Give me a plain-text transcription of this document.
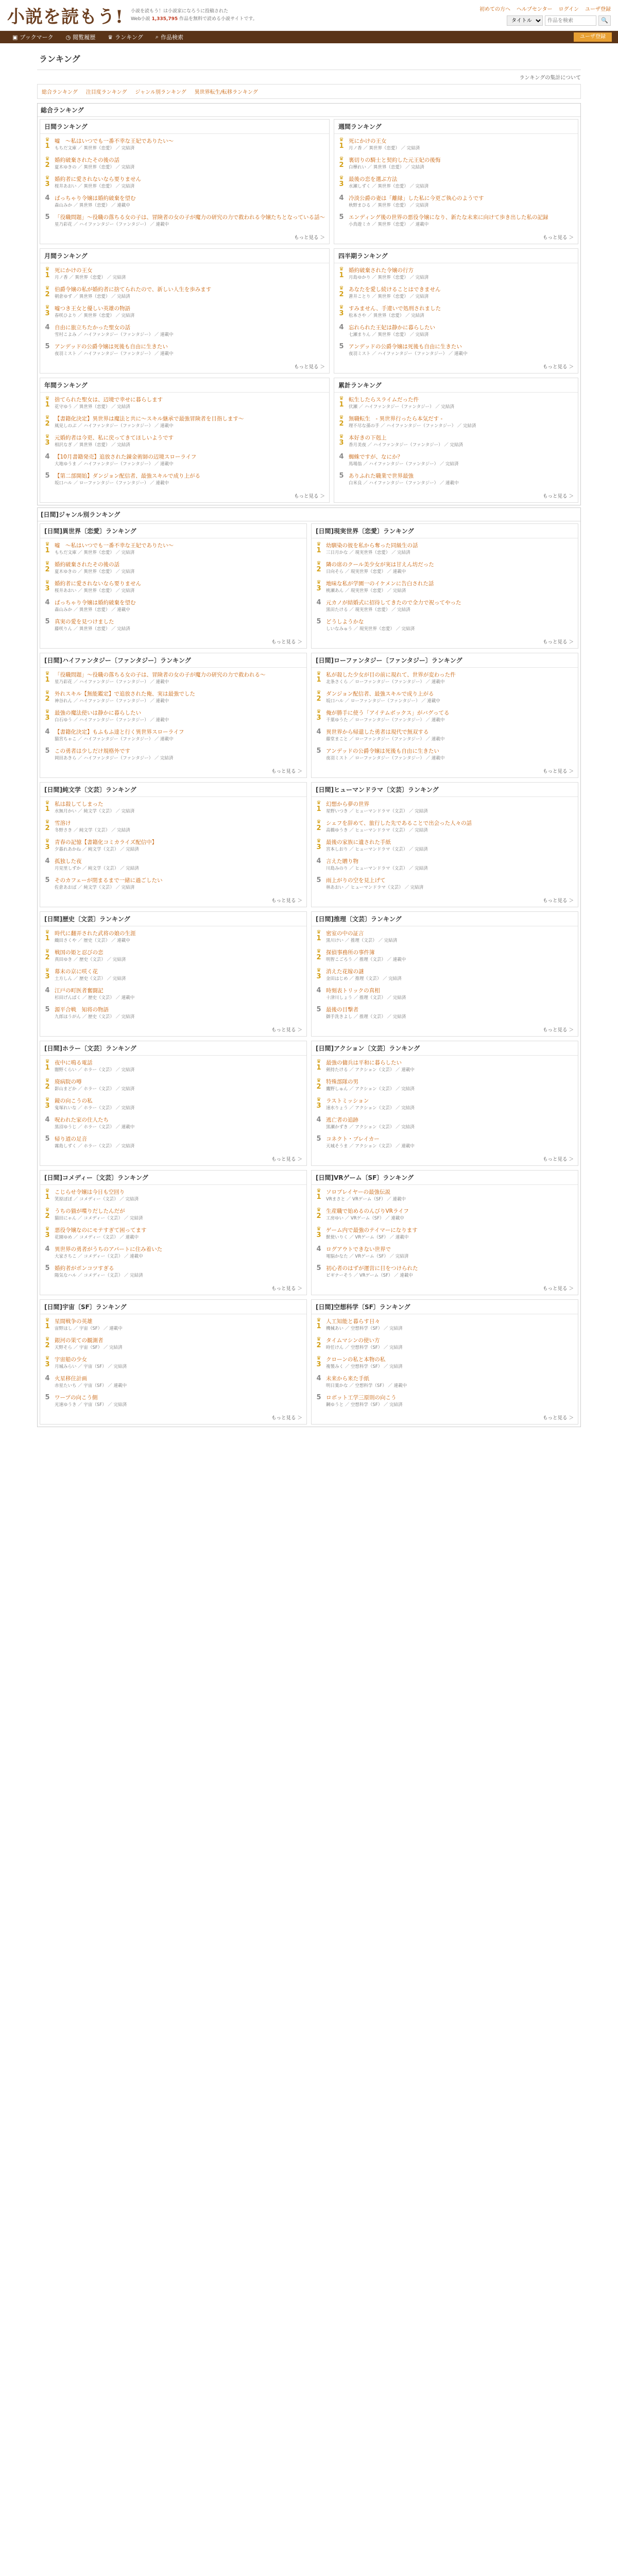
小説を読もう! 小説を読もう！は小説家になろうに投稿された
Web小説 1,335,795 作品を無料で読める小説サイトです。
初めての方へ ヘルプセンター ログイン ユーザ登録
タイトル
作品を検索
🔍
▣ ブックマーク ◷ 閲覧履歴 ♛ ランキング ⌕ 作品検索	ユーザ登録
ランキング
ランキングの集計について
総合ランキング 注目度ランキング ジャンル別ランキング 異世界転生/転移ランキング
総合ランキング
日間ランキング
♛
1
嘘　〜私はいつでも一番不幸な王妃でありたい〜
もちだ文庫 ／ 異世界（恋愛） ／ 完結済
♛
2
婚約破棄されたその後の話
夏木ゆきの ／ 異世界（恋愛） ／ 完結済
♛
3
婚約者に愛されないなら要りません
桜井あおい ／ 異世界（恋愛） ／ 完結済
4 ぱっちゃり令嬢は婚約破棄を望む
森山みか ／ 異世界（恋愛） ／ 連載中
5 「役職問題」〜役職の落ちる女の子は、冒険者の女の子が魔力の研究の力で救われる令嬢たちとなっている話〜
星乃彩花 ／ ハイファンタジー（ファンタジー） ／ 連載中
もっと見る ＞
週間ランキング
♛
1
死にかけの王女
月ノ香 ／ 異世界（恋愛） ／ 完結済
♛
2
裏切りの騎士と契約した元王妃の後悔
白樺れい ／ 異世界（恋愛） ／ 完結済
♛
3
最後の恋を選ぶ方法
水瀬しずく ／ 異世界（恋愛） ／ 完結済
4 冷淡公爵の妻は「離縁」した私に今更ご執心のようです
秋野まひる ／ 異世界（恋愛） ／ 完結済
5 エンディング後の世界の悪役令嬢になり、新たな未来に向けて歩き出した私の記録
小鳥遊ミカ ／ 異世界（恋愛） ／ 連載中
もっと見る ＞
月間ランキング
♛
1
死にかけの王女
月ノ香 ／ 異世界（恋愛） ／ 完結済
♛
2
伯爵令嬢の私が婚約者に捨てられたので、新しい人生を歩みます
朝倉ゆず ／ 異世界（恋愛） ／ 完結済
♛
3
嘘つき王女と優しい英雄の物語
春咲ひより ／ 異世界（恋愛） ／ 完結済
4 自由に旅立ちたかった聖女の話
雪村こよみ ／ ハイファンタジー（ファンタジー） ／ 連載中
5 アンデッドの公爵令嬢は死後も自由に生きたい
夜羽ミスト ／ ハイファンタジー（ファンタジー） ／ 連載中
もっと見る ＞
四半期ランキング
♛
1
婚約破棄された令嬢の行方
月島ゆかり ／ 異世界（恋愛） ／ 完結済
♛
2
あなたを愛し続けることはできません
蒼井ことり ／ 異世界（恋愛） ／ 完結済
♛
3
すみません、手違いで処刑されました
松本さや ／ 異世界（恋愛） ／ 完結済
4 忘れられた王妃は静かに暮らしたい
七瀬まりん ／ 異世界（恋愛） ／ 完結済
5 アンデッドの公爵令嬢は死後も自由に生きたい
夜羽ミスト ／ ハイファンタジー（ファンタジー） ／ 連載中
もっと見る ＞
年間ランキング
♛
1
捨てられた聖女は、辺境で幸せに暮らします
花守ゆう ／ 異世界（恋愛） ／ 完結済
♛
2
【書籍化決定】異世界は魔法と共に〜スキル継承で最強冒険者を目指します〜
風見しのぶ ／ ハイファンタジー（ファンタジー） ／ 連載中
♛
3
元婚約者は今更、私に戻ってきてほしいようです
相沢なぎ ／ 異世界（恋愛） ／ 完結済
4 【10月書籍発売】追放された錬金術師の辺境スローライフ
大地ゆうま ／ ハイファンタジー（ファンタジー） ／ 連載中
5 【第二部開始】ダンジョン配信者、最強スキルで成り上がる
坂口ハル ／ ローファンタジー（ファンタジー） ／ 連載中
もっと見る ＞
累計ランキング
♛
1
転生したらスライムだった件
伏瀬 ／ ハイファンタジー（ファンタジー） ／ 完結済
♛
2
無職転生　- 異世界行ったら本気だす -
理不尽な孫の手 ／ ハイファンタジー（ファンタジー） ／ 完結済
♛
3
本好きの下剋上
香月美夜 ／ ハイファンタジー（ファンタジー） ／ 完結済
4 蜘蛛ですが、なにか？
馬場翁 ／ ハイファンタジー（ファンタジー） ／ 完結済
5 ありふれた職業で世界最強
白米良 ／ ハイファンタジー（ファンタジー） ／ 連載中
もっと見る ＞
[日間]ジャンル別ランキング
[日間]異世界〔恋愛〕ランキング
♛
1
嘘　〜私はいつでも一番不幸な王妃でありたい〜
もちだ文庫 ／ 異世界（恋愛） ／ 完結済
♛
2
婚約破棄されたその後の話
夏木ゆきの ／ 異世界（恋愛） ／ 完結済
♛
3
婚約者に愛されないなら要りません
桜井あおい ／ 異世界（恋愛） ／ 完結済
4 ぱっちゃり令嬢は婚約破棄を望む
森山みか ／ 異世界（恋愛） ／ 連載中
5 真実の愛を見つけました
藤咲りん ／ 異世界（恋愛） ／ 完結済
もっと見る ＞
[日間]現実世界〔恋愛〕ランキング
♛
1
幼馴染の彼を私から奪った同級生の話
三日月かな ／ 現実世界（恋愛） ／ 完結済
♛
2
隣の席のクール美少女が実は甘えん坊だった
日向そら ／ 現実世界（恋愛） ／ 連載中
♛
3
地味な私が学園一のイケメンに告白された話
桃瀬あん ／ 現実世界（恋愛） ／ 完結済
4 元カノが結婚式に招待してきたので全力で祝ってやった
黒田たける ／ 現実世界（恋愛） ／ 完結済
5 どうしようかな
しいなみゅう ／ 現実世界（恋愛） ／ 完結済
もっと見る ＞
[日間]ハイファンタジー〔ファンタジー〕ランキング
♛
1
「役職問題」〜役職の落ちる女の子は、冒険者の女の子が魔力の研究の力で救われる〜
星乃彩花 ／ ハイファンタジー（ファンタジー） ／ 連載中
♛
2
外れスキル【無能鑑定】で追放された俺、実は最強でした
神谷れん ／ ハイファンタジー（ファンタジー） ／ 連載中
♛
3
最強の魔法使いは静かに暮らしたい
白石ゆう ／ ハイファンタジー（ファンタジー） ／ 連載中
4 【書籍化決定】もふもふ達と行く異世界スローライフ
猫宮ちゃこ ／ ハイファンタジー（ファンタジー） ／ 連載中
5 この勇者は少しだけ規格外です
岡田あきら ／ ハイファンタジー（ファンタジー） ／ 完結済
もっと見る ＞
[日間]ローファンタジー〔ファンタジー〕ランキング
♛
1
私が殺した少女が目の前に現れて、世界が変わった件
北条さくら ／ ローファンタジー（ファンタジー） ／ 連載中
♛
2
ダンジョン配信者、最強スキルで成り上がる
坂口ハル ／ ローファンタジー（ファンタジー） ／ 連載中
♛
3
俺が勝手に使う「アイテムボックス」がバグってる
千葉ゆうた ／ ローファンタジー（ファンタジー） ／ 連載中
4 異世界から帰還した勇者は現代で無双する
藤堂まこと ／ ローファンタジー（ファンタジー） ／ 連載中
5 アンデッドの公爵令嬢は死後も自由に生きたい
夜羽ミスト ／ ローファンタジー（ファンタジー） ／ 連載中
もっと見る ＞
[日間]純文学〔文芸〕ランキング
♛
1
私は殺してしまった
水無月かい ／ 純文学（文芸） ／ 完結済
♛
2
雪溶け
冬野さき ／ 純文学（文芸） ／ 完結済
♛
3
青春の記憶【書籍化コミカライズ配信中】
夕暮れあかね ／ 純文学（文芸） ／ 完結済
4 孤独した夜
月見里しずか ／ 純文学（文芸） ／ 完結済
5 そのカフェーが閉まるまで一緒に過ごしたい
佐倉あおば ／ 純文学（文芸） ／ 完結済
もっと見る ＞
[日間]ヒューマンドラマ〔文芸〕ランキング
♛
1
幻想から夢の世界
星野いつき ／ ヒューマンドラマ（文芸） ／ 完結済
♛
2
シェフを辞めて、旅行した先であることで出会った人々の話
高橋ゆうき ／ ヒューマンドラマ（文芸） ／ 完結済
♛
3
最後の家族に遺された手紙
宮本しおり ／ ヒューマンドラマ（文芸） ／ 完結済
4 言えた贈り物
川島みのり ／ ヒューマンドラマ（文芸） ／ 完結済
5 雨上がりの空を見上げて
林あおい ／ ヒューマンドラマ（文芸） ／ 完結済
もっと見る ＞
[日間]歴史〔文芸〕ランキング
♛
1
時代に翻弄された武将の娘の生涯
織田さくや ／ 歴史（文芸） ／ 連載中
♛
2
戦国の姫と忍びの恋
真田ゆき ／ 歴史（文芸） ／ 完結済
♛
3
幕末の京に咲く花
土方しん ／ 歴史（文芸） ／ 完結済
4 江戸の町医者奮闘記
杉田げんぱく ／ 歴史（文芸） ／ 連載中
5 源平合戦　知将の物語
九郎ほうがん ／ 歴史（文芸） ／ 完結済
もっと見る ＞
[日間]推理〔文芸〕ランキング
♛
1
密室の中の証言
黒川けい ／ 推理（文芸） ／ 完結済
♛
2
探偵事務所の事件簿
明智こごろう ／ 推理（文芸） ／ 連載中
♛
3
消えた花嫁の謎
金田はじめ ／ 推理（文芸） ／ 完結済
4 時刻表トリックの真相
十津川しょう ／ 推理（文芸） ／ 完結済
5 最後の目撃者
御手洗きよし ／ 推理（文芸） ／ 完結済
もっと見る ＞
[日間]ホラー〔文芸〕ランキング
♛
1
夜中に鳴る電話
闇野くらい ／ ホラー（文芸） ／ 完結済
♛
2
廃病院の噂
影山まどか ／ ホラー（文芸） ／ 完結済
♛
3
鏡の向こうの私
鬼塚れいな ／ ホラー（文芸） ／ 完結済
4 呪われた家の住人たち
黒沼ゆうじ ／ ホラー（文芸） ／ 連載中
5 帰り道の足音
霧島しずく ／ ホラー（文芸） ／ 完結済
もっと見る ＞
[日間]アクション〔文芸〕ランキング
♛
1
最強の傭兵は平和に暮らしたい
剣持たける ／ アクション（文芸） ／ 連載中
♛
2
特殊部隊の男
鷹野しゅん ／ アクション（文芸） ／ 完結済
♛
3
ラストミッション
速水りょう ／ アクション（文芸） ／ 完結済
4 逃亡者の追跡
黒瀬かずき ／ アクション（文芸） ／ 完結済
5 コネクト・ブレイカー
天城そうま ／ アクション（文芸） ／ 連載中
もっと見る ＞
[日間]コメディー〔文芸〕ランキング
♛
1
こじらせ令嬢は今日も空回り
笑原ぽぽ ／ コメディー（文芸） ／ 完結済
♛
2
うちの猫が喋りだしたんだが
猫田にゃん ／ コメディー（文芸） ／ 完結済
♛
3
悪役令嬢なのにモテすぎて困ってます
花園ゆめ ／ コメディー（文芸） ／ 連載中
4 異世界の勇者がうちのアパートに住み着いた
大家さちこ ／ コメディー（文芸） ／ 連載中
5 婚約者がポンコツすぎる
陽気なハル ／ コメディー（文芸） ／ 完結済
もっと見る ＞
[日間]VRゲーム〔SF〕ランキング
♛
1
ソロプレイヤーの最強伝説
VRまさと ／ VRゲーム（SF） ／ 連載中
♛
2
生産職で始めるのんびりVRライフ
工房ゆい ／ VRゲーム（SF） ／ 連載中
♛
3
ゲーム内で最強のテイマーになります
獣使いりく ／ VRゲーム（SF） ／ 連載中
4 ログアウトできない世界で
電脳かなた ／ VRゲーム（SF） ／ 完結済
5 初心者のはずが運営に目をつけられた
ビギナーそう ／ VRゲーム（SF） ／ 連載中
もっと見る ＞
[日間]宇宙〔SF〕ランキング
♛
1
星間戦争の英雄
宙野ほし ／ 宇宙（SF） ／ 連載中
♛
2
銀河の果ての観測者
天野そら ／ 宇宙（SF） ／ 完結済
♛
3
宇宙船の少女
月城みらい ／ 宇宙（SF） ／ 完結済
4 火星移住計画
赤星たいち ／ 宇宙（SF） ／ 連載中
5 ワープの向こう側
光速ゆうき ／ 宇宙（SF） ／ 完結済
もっと見る ＞
[日間]空想科学〔SF〕ランキング
♛
1
人工知能と暮らす日々
機械あい ／ 空想科学（SF） ／ 完結済
♛
2
タイムマシンの使い方
時任けん ／ 空想科学（SF） ／ 完結済
♛
3
クローンの私と本物の私
複製みく ／ 空想科学（SF） ／ 完結済
4 未来から来た手紙
明日葉かな ／ 空想科学（SF） ／ 連載中
5 ロボット工学三原則の向こう
鋼ゆうと ／ 空想科学（SF） ／ 完結済
もっと見る ＞
